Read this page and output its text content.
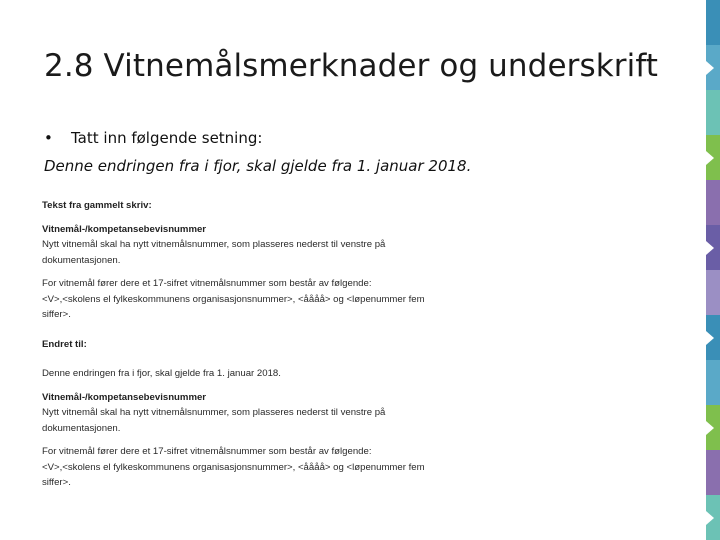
2.8 Vitnemålsmerknader og underskrift
• Tatt inn følgende setning:
Denne endringen fra i fjor, skal gjelde fra 1. januar 2018.
Tekst fra gammelt skriv:
Vitnemål-/kompetansebevisnummer
Nytt vitnemål skal ha nytt vitnemålsnummer, som plasseres nederst til venstre på
dokumentasjonen.
For vitnemål fører dere et 17-sifret vitnemålsnummer som består av følgende:
<V>,<skolens el fylkeskommunens organisasjonsnummer>, <åååå> og <løpenummer fem
siffer>.
Endret til:
Denne endringen fra i fjor, skal gjelde fra 1. januar 2018.
Vitnemål-/kompetansebevisnummer
Nytt vitnemål skal ha nytt vitnemålsnummer, som plasseres nederst til venstre på
dokumentasjonen.
For vitnemål fører dere et 17-sifret vitnemålsnummer som består av følgende:
<V>,<skolens el fylkeskommunens organisasjonsnummer>, <åååå> og <løpenummer fem
siffer>.
